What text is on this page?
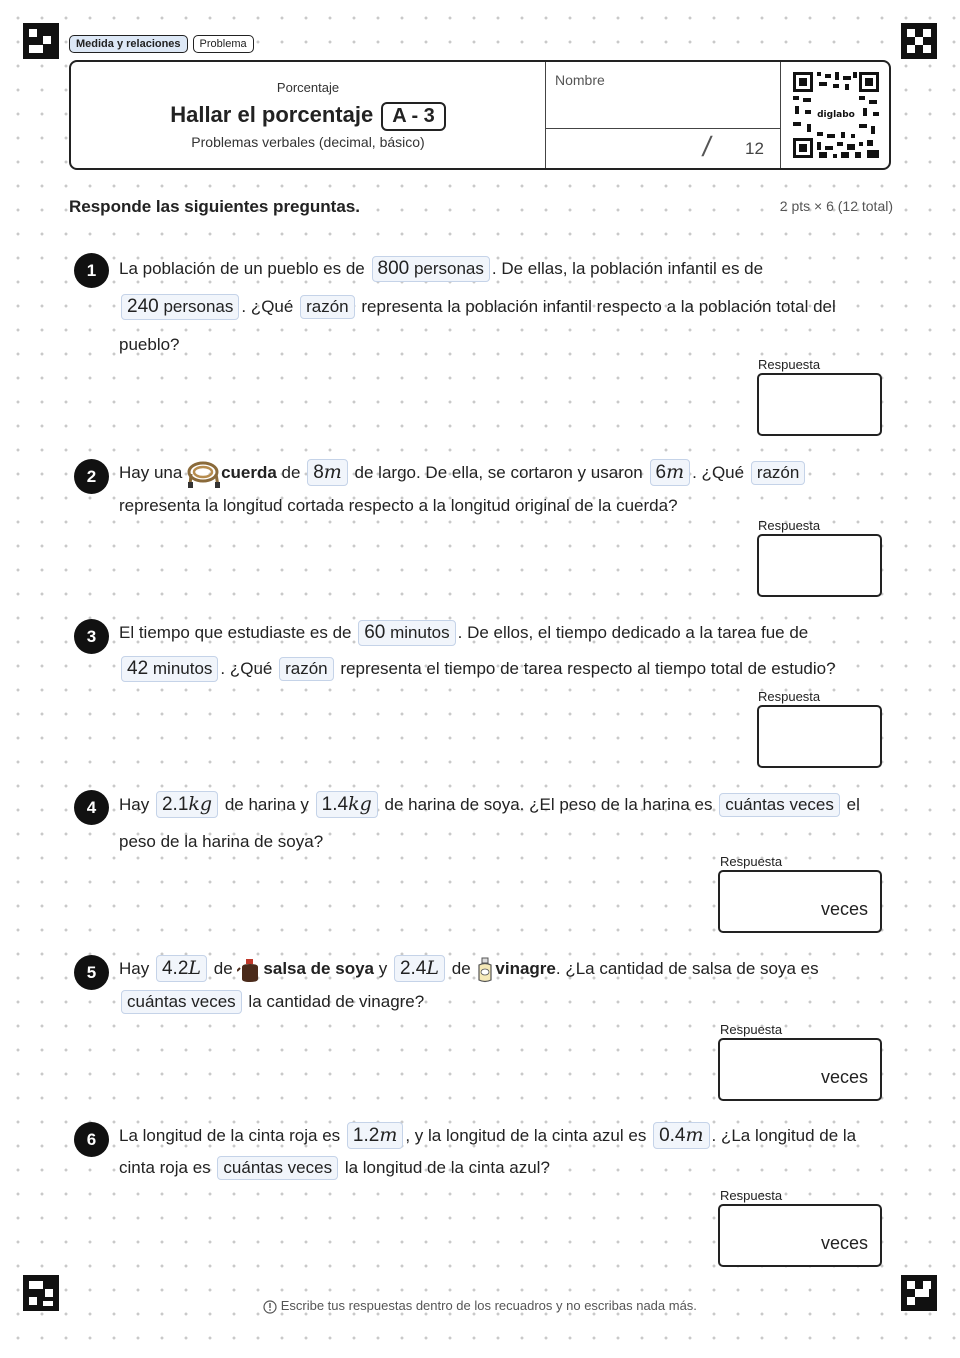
Medida y relaciones	Problema
Porcentaje
Hallar el porcentaje A - 3
Problemas verbales (decimal, básico)
Nombre
/ 12
diglabo
Responde las siguientes preguntas.	2 pts × 6 (12 total)
1	La población de un pueblo es de 800 personas . De ellas, la población infantil es de
240 personas . ¿Qué razón representa la población infantil respecto a la población total del
pueblo?
Respuesta
2	Hay una cuerda de 8m de largo. De ella, se cortaron y usaron 6m . ¿Qué razón
representa la longitud cortada respecto a la longitud original de la cuerda?
Respuesta
3	El tiempo que estudiaste es de 60 minutos . De ellos, el tiempo dedicado a la tarea fue de
42 minutos . ¿Qué razón representa el tiempo de tarea respecto al tiempo total de estudio?
Respuesta
4	Hay 2.1kg de harina y 1.4kg de harina de soya. ¿El peso de la harina es cuántas veces el
peso de la harina de soya?
Respuesta
veces
5	Hay 4.2L de salsa de soya y 2.4L de vinagre. ¿La cantidad de salsa de soya es
cuántas veces la cantidad de vinagre?
Respuesta
veces
6	La longitud de la cinta roja es 1.2m , y la longitud de la cinta azul es 0.4m . ¿La longitud de la
cinta roja es cuántas veces la longitud de la cinta azul?
Respuesta
veces
Escribe tus respuestas dentro de los recuadros y no escribas nada más.
